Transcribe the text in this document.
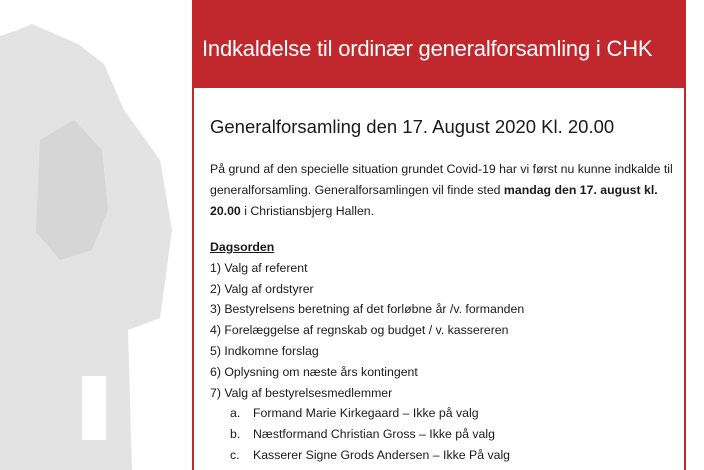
Indkaldelse til ordinær generalforsamling i CHK
Generalforsamling den 17. August 2020 Kl. 20.00

På grund af den specielle situation grundet Covid-19 har vi først nu kunne indkalde til generalforsamling. Generalforsamlingen vil finde sted mandag den 17. august kl. 20.00 i Christiansbjerg Hallen.

Dagsorden
1) Valg af referent
2) Valg af ordstyrer
3) Bestyrelsens beretning af det forløbne år /v. formanden
4) Forelæggelse af regnskab og budget / v. kassereren
5) Indkomne forslag
6) Oplysning om næste års kontingent
7) Valg af bestyrelsesmedlemmer
a. Formand Marie Kirkegaard – Ikke på valg
b. Næstformand Christian Gross – Ikke på valg
c. Kasserer Signe Grods Andersen – Ikke På valg
